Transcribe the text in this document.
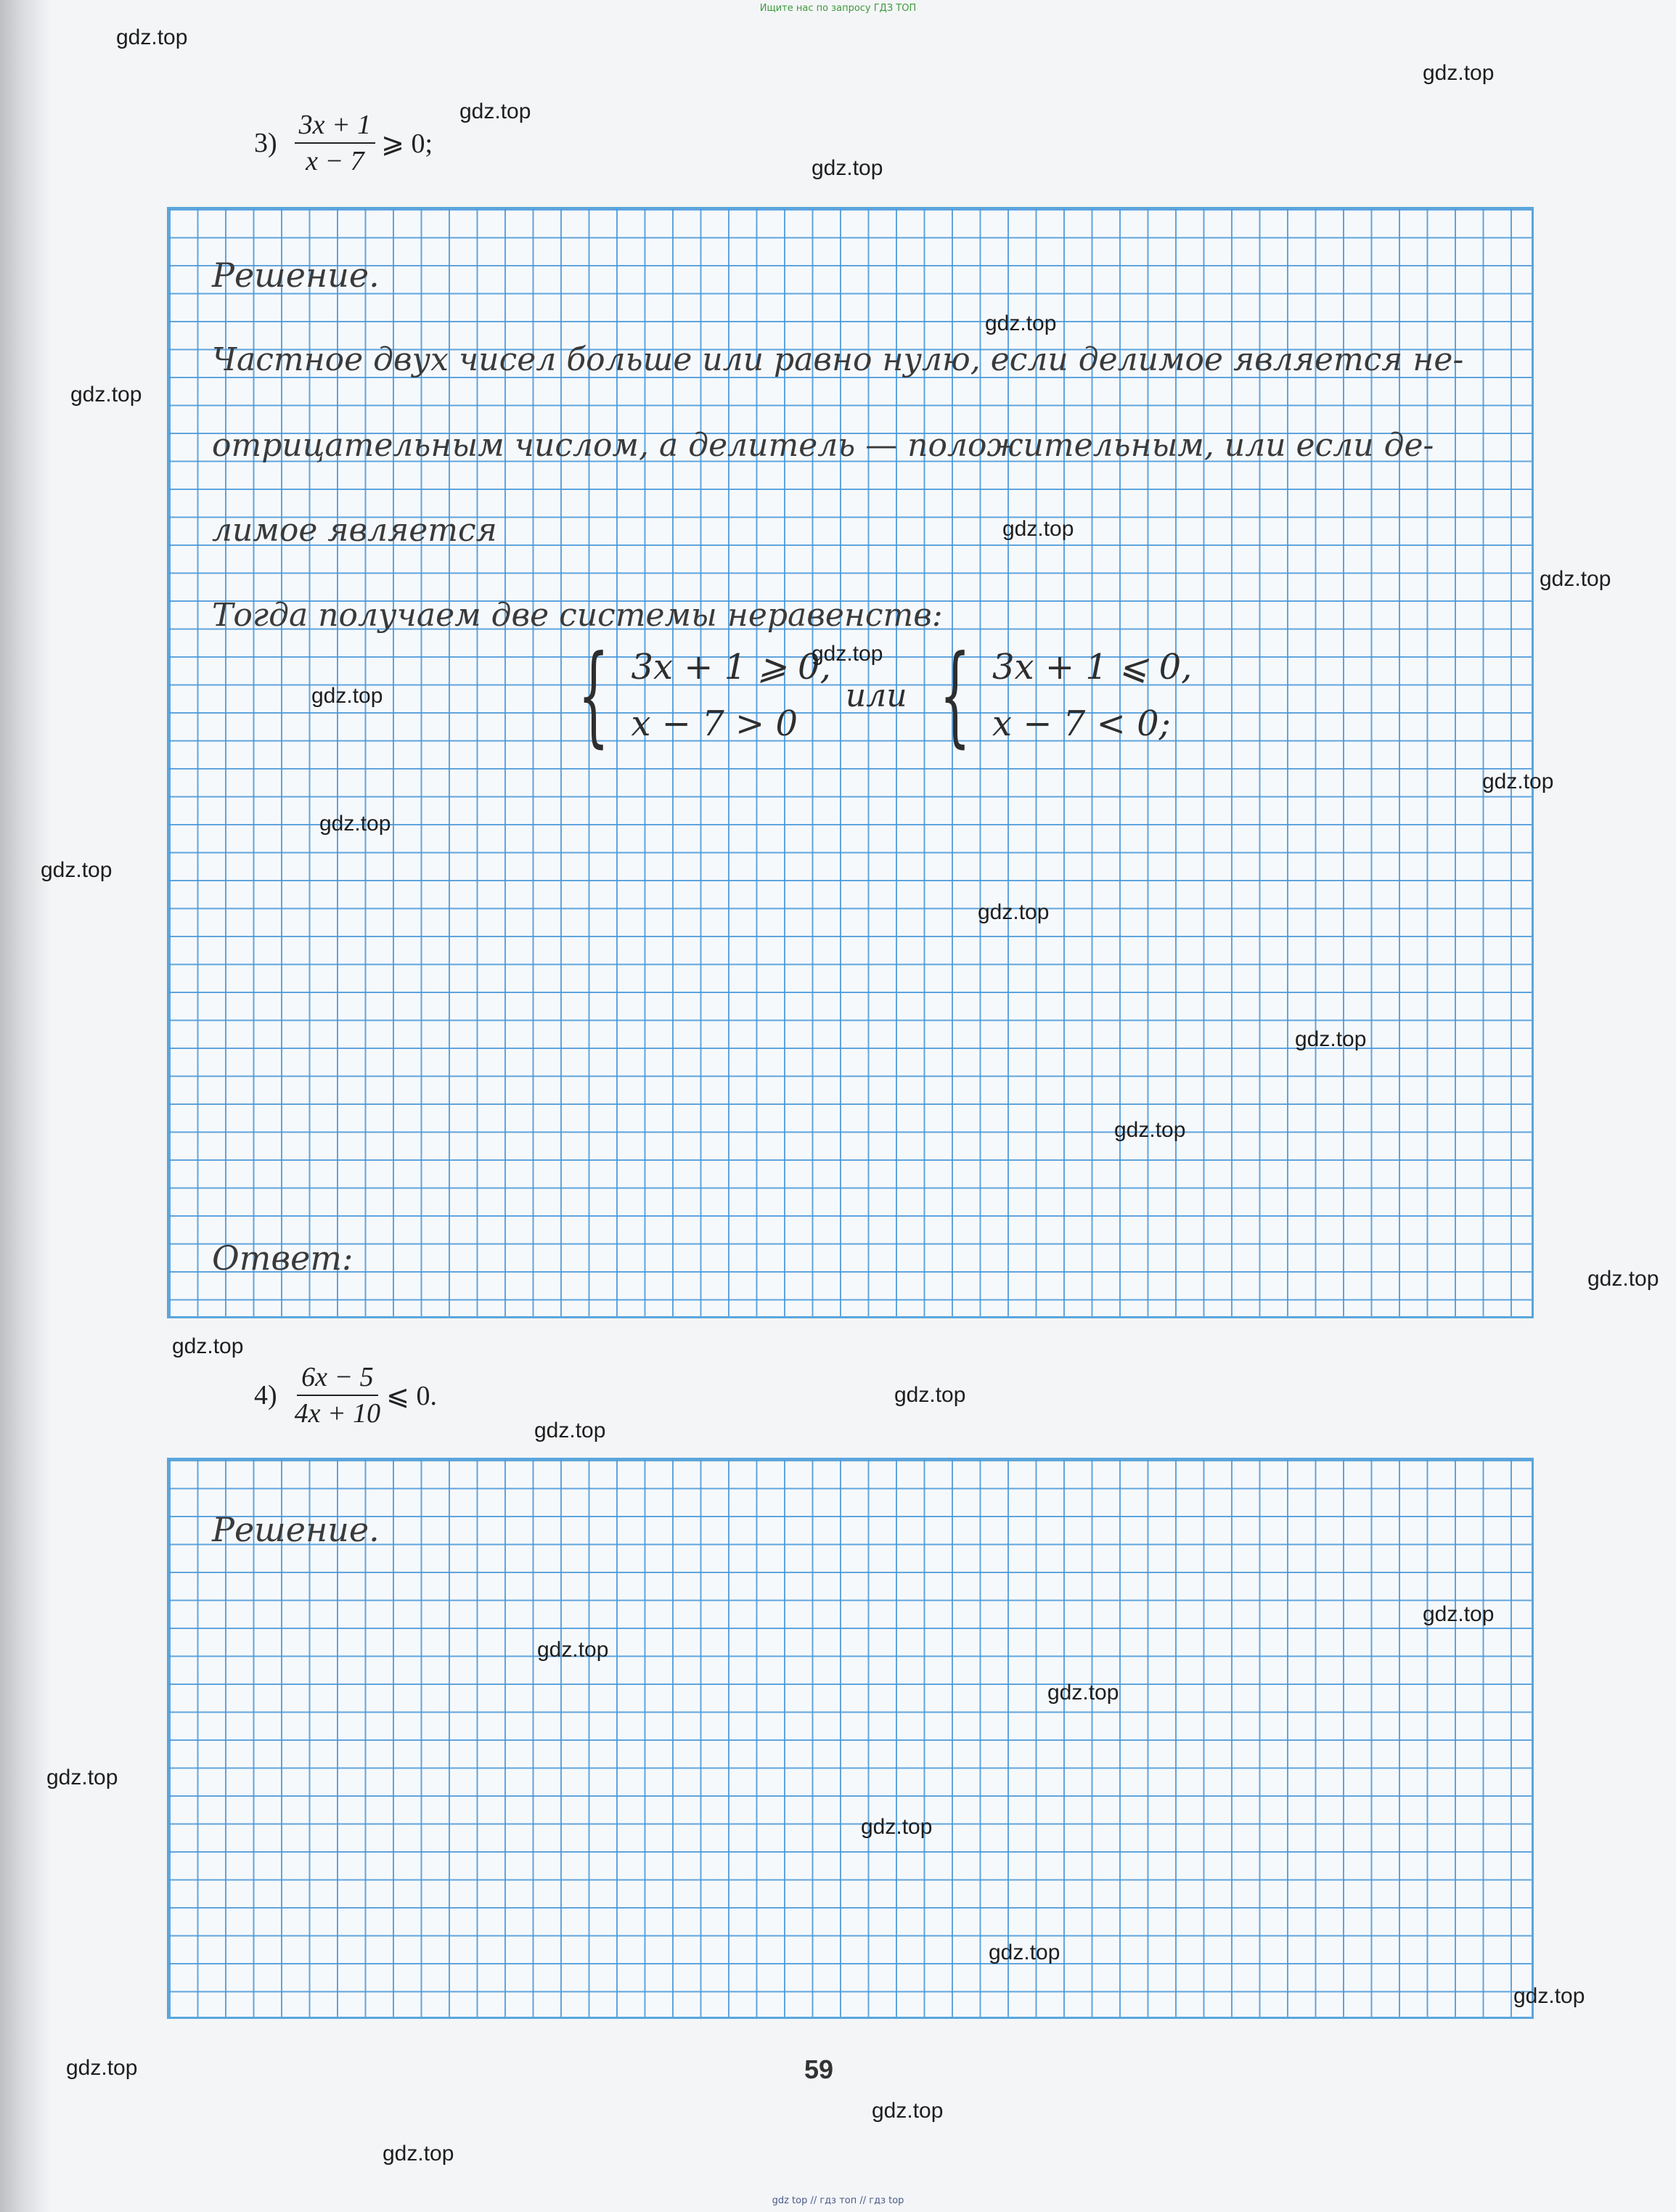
Ищите нас по запросу ГДЗ ТОП
$3) \frac{3x + 1}{x - 7}$ ⩾ 0;
Решение.
Частное двух чисел больше или равно нулю, если делимое является не-
отрицательным числом, а делитель — положительным, или если де-
лимое является
Тогда получаем две системы неравенств:
{ 3x + 1 ⩾ 0,
x − 7 > 0
или { 3x + 1 ⩽ 0,
x − 7 < 0;
Ответ:
$4) \frac{6x - 5}{4x + 10}$ ⩽ 0.
Решение.
59
gdz top // гдз топ // гдз top
gdz.top
gdz.top
gdz.top
gdz.top
gdz.top
gdz.top
gdz.top
gdz.top
gdz.top
gdz.top
gdz.top
gdz.top
gdz.top
gdz.top
gdz.top
gdz.top
gdz.top
gdz.top
gdz.top
gdz.top
gdz.top
gdz.top
gdz.top
gdz.top
gdz.top
gdz.top
gdz.top
gdz.top
gdz.top
gdz.top
